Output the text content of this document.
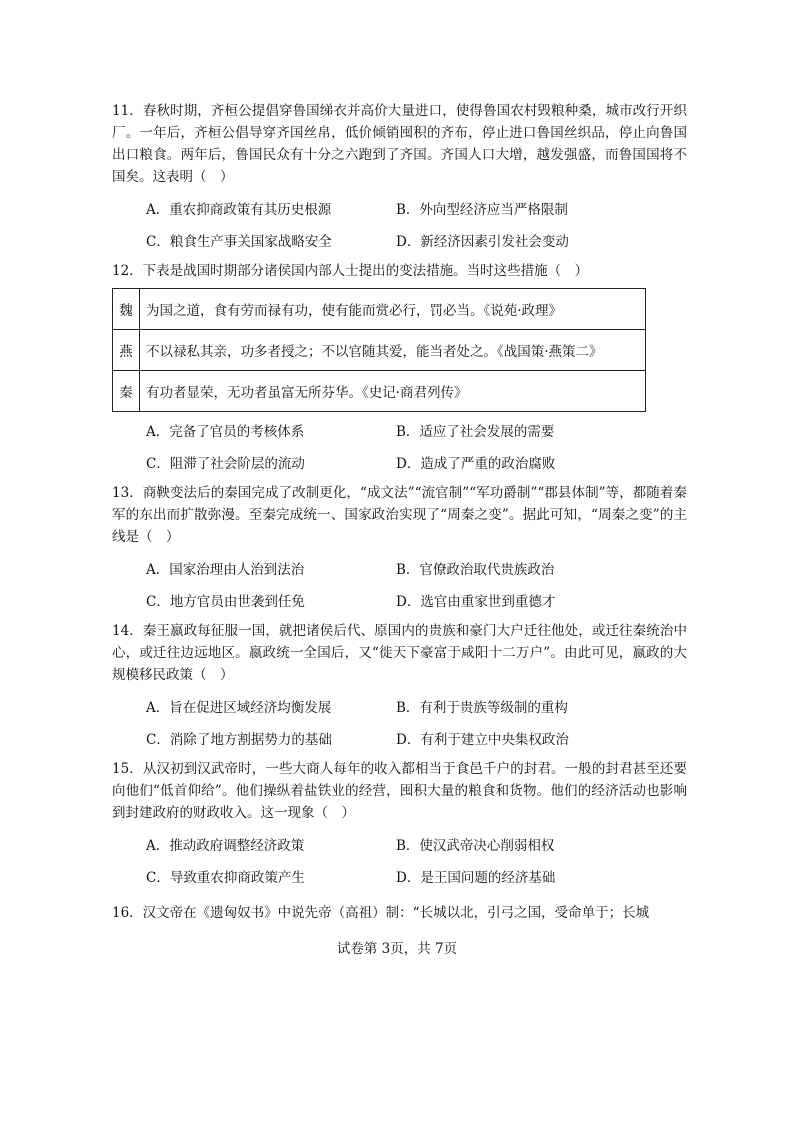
11．春秋时期，齐桓公提倡穿鲁国绨衣并高价大量进口，使得鲁国农村毁粮种桑，城市改行开织厂。一年后，齐桓公倡导穿齐国丝帛，低价倾销囤积的齐布，停止进口鲁国丝织品，停止向鲁国出口粮食。两年后，鲁国民众有十分之六跑到了齐国。齐国人口大增，越发强盛，而鲁国国将不国矣。这表明（　）

A．重农抑商政策有其历史根源	B．外向型经济应当严格限制
C．粮食生产事关国家战略安全	D．新经济因素引发社会变动

12．下表是战国时期部分诸侯国内部人士提出的变法措施。当时这些措施（　）

魏	为国之道，食有劳而禄有功，使有能而赏必行，罚必当。《说苑·政理》
燕	不以禄私其亲，功多者授之；不以官随其爱，能当者处之。《战国策·燕策二》
秦	有功者显荣，无功者虽富无所芬华。《史记·商君列传》
A．完备了官员的考核体系	B．适应了社会发展的需要
C．阻滞了社会阶层的流动	D．造成了严重的政治腐败

13．商鞅变法后的秦国完成了改制更化，“成文法”“流官制”“军功爵制”“郡县体制”等，都随着秦军的东出而扩散弥漫。至秦完成统一、国家政治实现了“周秦之变”。据此可知，“周秦之变”的主线是（　）

A．国家治理由人治到法治	B．官僚政治取代贵族政治
C．地方官员由世袭到任免	D．选官由重家世到重德才

14．秦王嬴政每征服一国，就把诸侯后代、原国内的贵族和豪门大户迁往他处，或迁往秦统治中心，或迁往边远地区。嬴政统一全国后，又“徙天下豪富于咸阳十二万户”。由此可见，嬴政的大规模移民政策（　）

A．旨在促进区域经济均衡发展	B．有利于贵族等级制的重构
C．消除了地方割据势力的基础	D．有利于建立中央集权政治

15．从汉初到汉武帝时，一些大商人每年的收入都相当于食邑千户的封君。一般的封君甚至还要向他们“低首仰给”。他们操纵着盐铁业的经营，囤积大量的粮食和货物。他们的经济活动也影响到封建政府的财政收入。这一现象（　）

A．推动政府调整经济政策	B．使汉武帝决心削弱相权
C．导致重农抑商政策产生	D．是王国问题的经济基础

16．汉文帝在《遗匈奴书》中说先帝（高祖）制：“长城以北，引弓之国，受命单于；长城

试卷第 3页，共 7页
